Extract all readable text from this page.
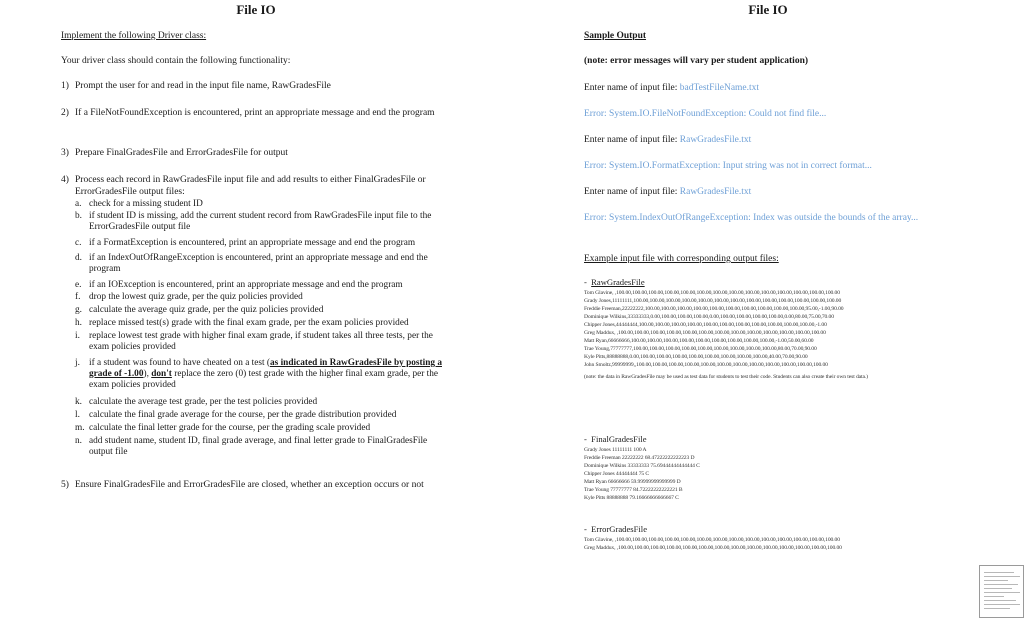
File IO
Implement the following Driver class:
Your driver class should contain the following functionality:
1) Prompt the user for and read in the input file name, RawGradesFile
2) If a FileNotFoundException is encountered, print an appropriate message and end the program
3) Prepare FinalGradesFile and ErrorGradesFile for output
4) Process each record in RawGradesFile input file and add results to either FinalGradesFile or ErrorGradesFile output files:
a. check for a missing student ID
b. if student ID is missing, add the current student record from RawGradesFile input file to the ErrorGradesFile output file
c. if a FormatException is encountered, print an appropriate message and end the program
d. if an IndexOutOfRangeException is encountered, print an appropriate message and end the program
e. if an IOException is encountered, print an appropriate message and end the program
f. drop the lowest quiz grade, per the quiz policies provided
g. calculate the average quiz grade, per the quiz policies provided
h. replace missed test(s) grade with the final exam grade, per the exam policies provided
i. replace lowest test grade with higher final exam grade, if student takes all three tests, per the exam policies provided
j. if a student was found to have cheated on a test (as indicated in RawGradesFile by posting a grade of -1.00), don't replace the zero (0) test grade with the higher final exam grade, per the exam policies provided
k. calculate the average test grade, per the test policies provided
l. calculate the final grade average for the course, per the grade distribution provided
m. calculate the final letter grade for the course, per the grading scale provided
n. add student name, student ID, final grade average, and final letter grade to FinalGradesFile output file
5) Ensure FinalGradesFile and ErrorGradesFile are closed, whether an exception occurs or not
File IO
Sample Output
(note: error messages will vary per student application)
Enter name of input file: badTestFileName.txt
Error: System.IO.FileNotFoundException: Could not find file...
Enter name of input file: RawGradesFile.txt
Error: System.IO.FormatException: Input string was not in correct format...
Enter name of input file: RawGradesFile.txt
Error: System.IndexOutOfRangeException: Index was outside the bounds of the array...
Example input file with corresponding output files:
-  RawGradesFile
Tom Glavine, ,100.00,100.00,100.00,100.00,100.00,100.00,100.00,100.00,100.00,100.00,100.00,100.00,100.00,100.00
Grady Jones,11111111,100.00,100.00,100.00,100.00,100.00,100.00,100.00,100.00,100.00,100.00,100.00,100.00,100.00
Freddie Freeman,22222222,100.00,100.00,100.00,100.00,100.00,100.00,100.00,100.00,100.00,100.00,95.00,-1.00,90.00
Dominique Wilkins,33333333,0.00,100.00,100.00,100.00,0.00,100.00,100.00,100.00,100.00,0.00,80.00,75.00,70.00
Chipper Jones,44444444,100.00,100.00,100.00,100.00,100.00,100.00,100.00,100.00,100.00,100.00,100.00,-1.00
Greg Maddux, ,100.00,100.00,100.00,100.00,100.00,100.00,100.00,100.00,100.00,100.00,100.00,100.00,100.00
Matt Ryan,66666666,100.00,100.00,100.00,100.00,100.00,100.00,100.00,100.00,100.00,-1.00,50.00,60.00
Trae Young,77777777,100.00,100.00,100.00,100.00,100.00,100.00,100.00,100.00,100.00,80.00,70.00,90.00
Kyle Pitts,88888888,0.00,100.00,100.00,100.00,100.00,100.00,100.00,100.00,100.00,40.00,70.00,90.00
John Smoltz,99999999,,100.00,100.00,100.00,100.00,100.00,100.00,100.00,100.00,100.00,100.00,100.00,100.00
(note: the data in RawGradesFile may be used as test data for students to test their code. Students can also create their own test data.)
-  FinalGradesFile
Grady Jones 11111111 100 A
Freddie Freeman 22222222 68.47222222222223 D
Dominique Wilkins 33333333 75.69444444444444 C
Chipper Jones 44444444 75 C
Matt Ryan 66666666 59.99999999999999 D
Trae Young 77777777 84.72222222222221 B
Kyle Pitts 88888888 79.16666666666667 C
-  ErrorGradesFile
Tom Glavine, ,100.00,100.00,100.00,100.00,100.00,100.00,100.00,100.00,100.00,100.00,100.00,100.00,100.00,100.00
Greg Maddux, ,100.00,100.00,100.00,100.00,100.00,100.00,100.00,100.00,100.00,100.00,100.00,100.00,100.00,100.00
